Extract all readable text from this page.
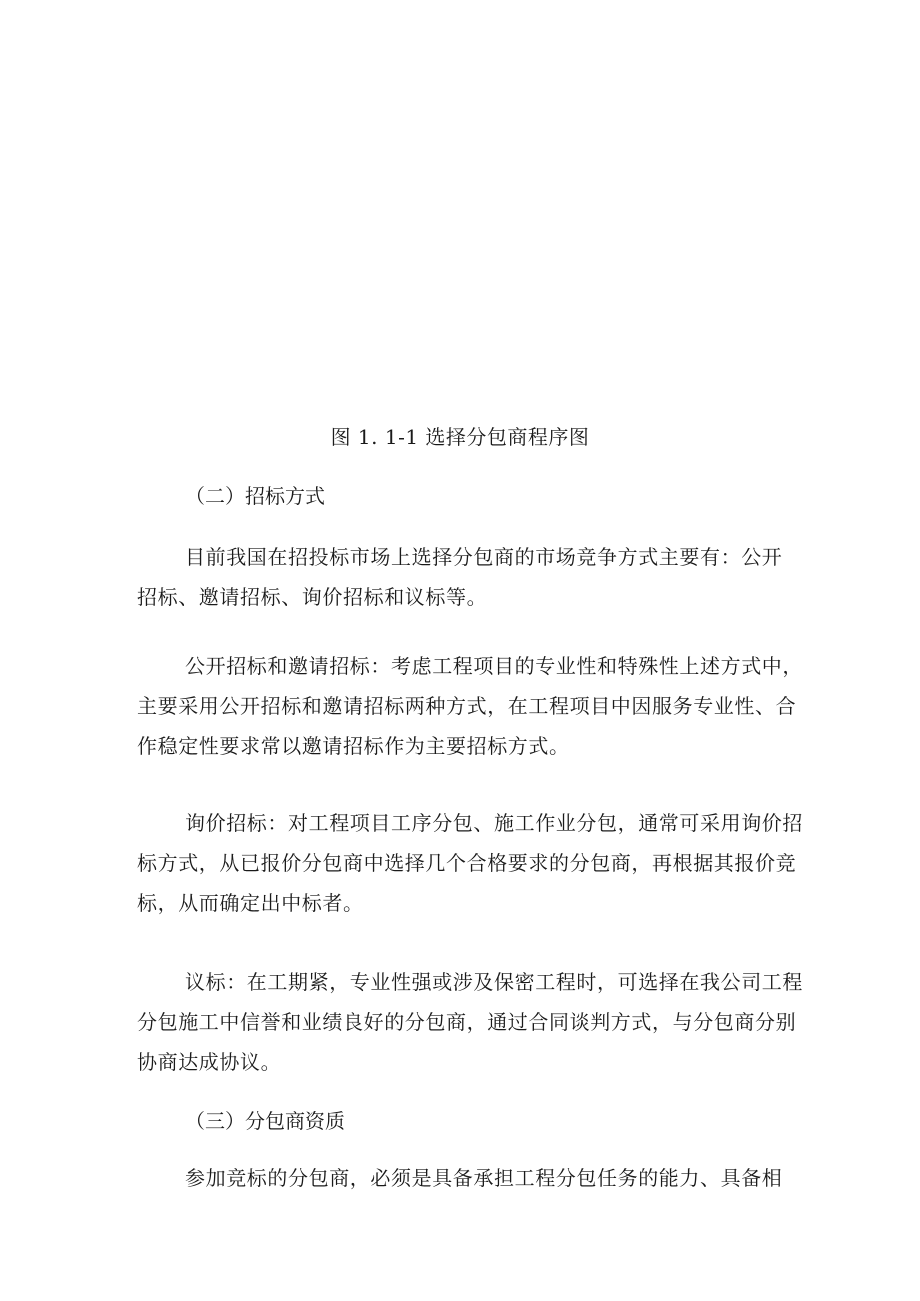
图 1. 1-1 选择分包商程序图
（二）招标方式
目前我国在招投标市场上选择分包商的市场竞争方式主要有：公开
招标、邀请招标、询价招标和议标等。
公开招标和邀请招标：考虑工程项目的专业性和特殊性上述方式中，
主要采用公开招标和邀请招标两种方式，在工程项目中因服务专业性、合
作稳定性要求常以邀请招标作为主要招标方式。
询价招标：对工程项目工序分包、施工作业分包，通常可采用询价招
标方式，从已报价分包商中选择几个合格要求的分包商，再根据其报价竞
标，从而确定出中标者。
议标：在工期紧，专业性强或涉及保密工程时，可选择在我公司工程
分包施工中信誉和业绩良好的分包商，通过合同谈判方式，与分包商分别
协商达成协议。
（三）分包商资质
参加竞标的分包商，必须是具备承担工程分包任务的能力、具备相
